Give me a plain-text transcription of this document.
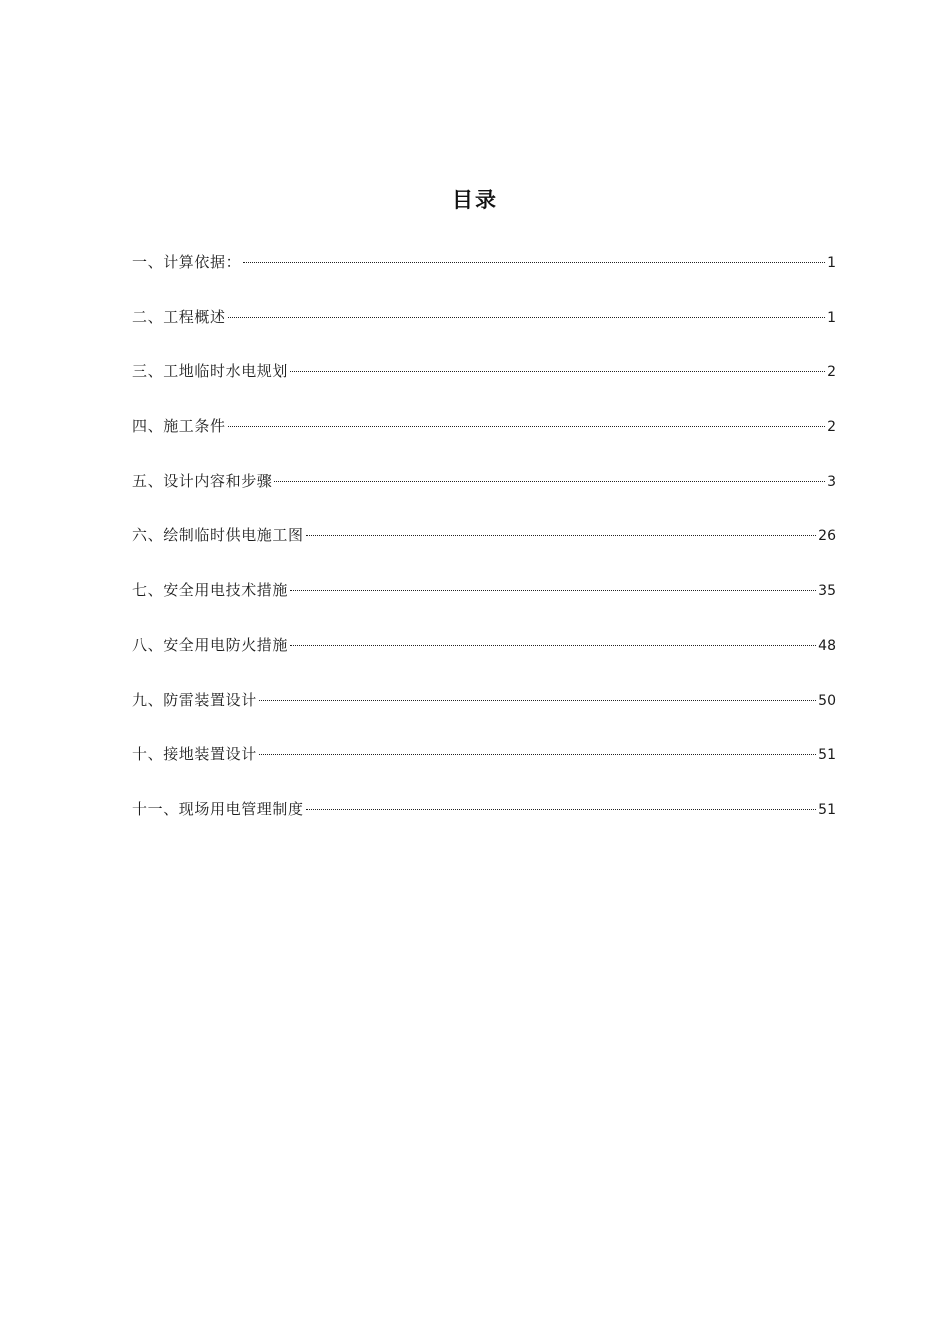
目录
一、计算依据：	1
二、工程概述	1
三、工地临时水电规划	2
四、施工条件	2
五、设计内容和步骤	3
六、绘制临时供电施工图	26
七、安全用电技术措施	35
八、安全用电防火措施	48
九、防雷装置设计	50
十、接地装置设计	51
十一、现场用电管理制度	51
